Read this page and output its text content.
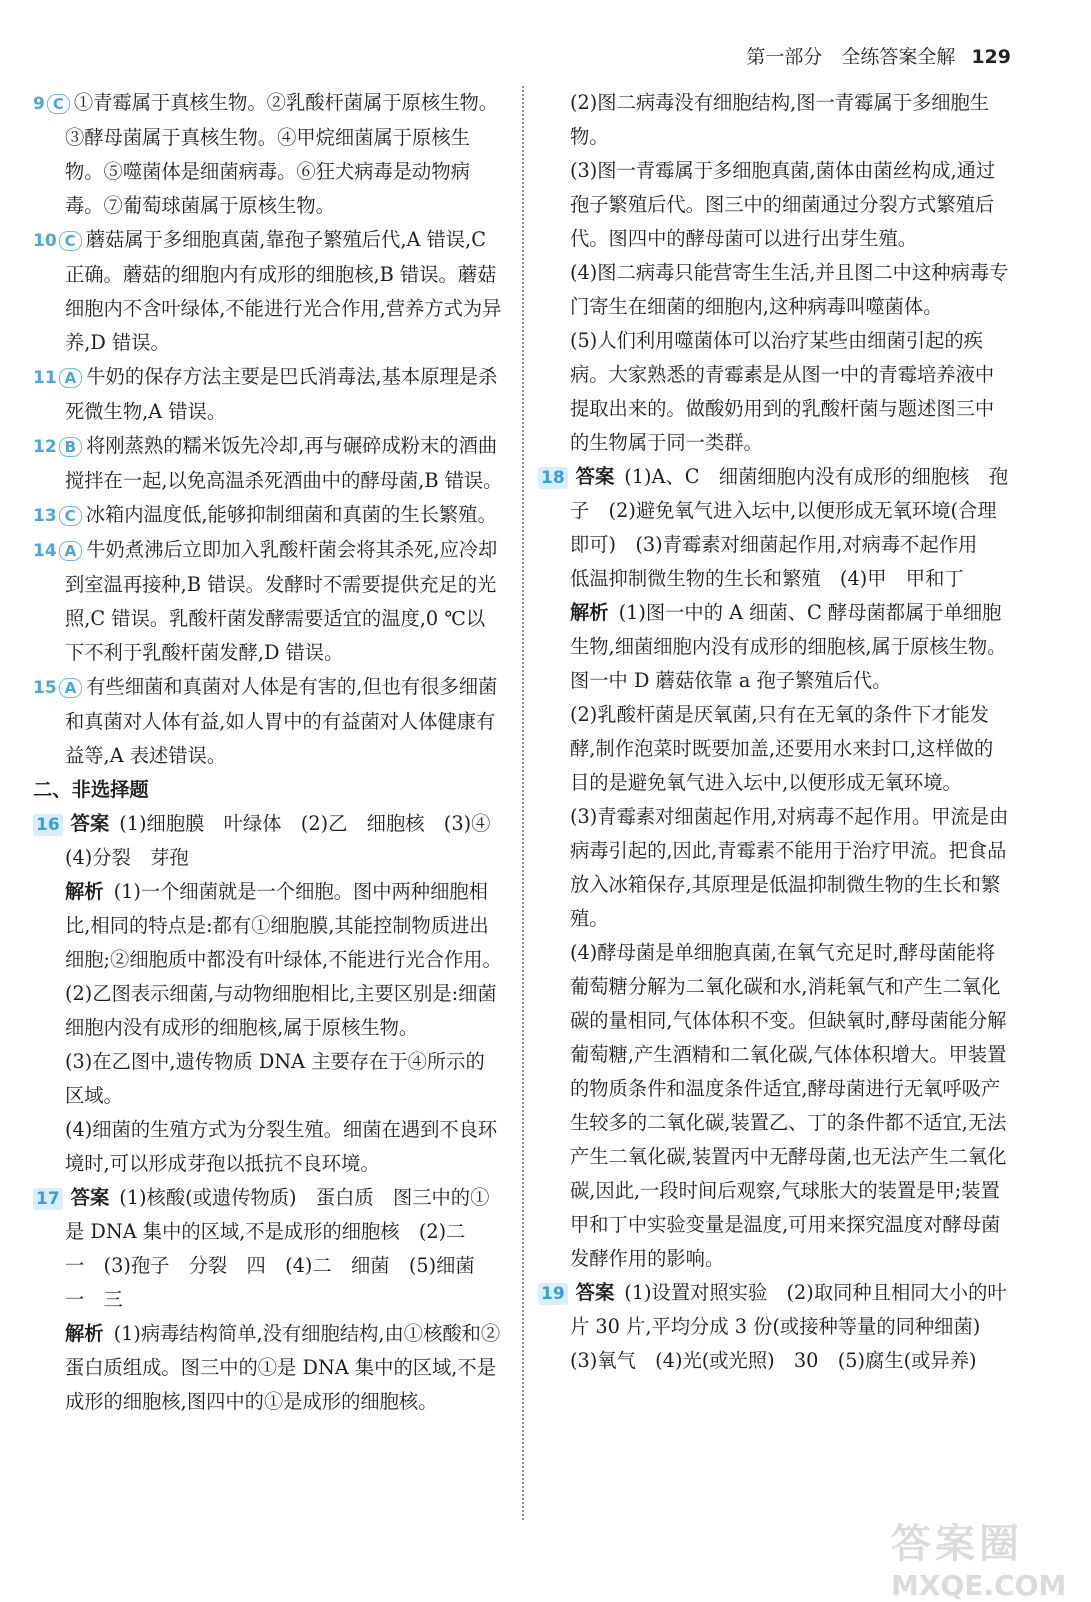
第一部分　全练答案全解 129
9 C ①青霉属于真核生物。②乳酸杆菌属于原核生物。③酵母菌属于真核生物。④甲烷细菌属于原核生物。⑤噬菌体是细菌病毒。⑥狂犬病毒是动物病毒。⑦葡萄球菌属于原核生物。
10 C 蘑菇属于多细胞真菌,靠孢子繁殖后代,A 错误,C 正确。蘑菇的细胞内有成形的细胞核,B 错误。蘑菇细胞内不含叶绿体,不能进行光合作用,营养方式为异养,D 错误。
11 A 牛奶的保存方法主要是巴氏消毒法,基本原理是杀死微生物,A 错误。
12 B 将刚蒸熟的糯米饭先冷却,再与碾碎成粉末的酒曲搅拌在一起,以免高温杀死酒曲中的酵母菌,B 错误。
13 C 冰箱内温度低,能够抑制细菌和真菌的生长繁殖。
14 A 牛奶煮沸后立即加入乳酸杆菌会将其杀死,应冷却到室温再接种,B 错误。发酵时不需要提供充足的光照,C 错误。乳酸杆菌发酵需要适宜的温度,0 ℃以下不利于乳酸杆菌发酵,D 错误。
15 A 有些细菌和真菌对人体是有害的,但也有很多细菌和真菌对人体有益,如人胃中的有益菌对人体健康有益等,A 表述错误。

二、非选择题

16 答案 (1)细胞膜　叶绿体　(2)乙　细胞核　(3)④　(4)分裂　芽孢

解析 (1)一个细菌就是一个细胞。图中两种细胞相比,相同的特点是:都有①细胞膜,其能控制物质进出细胞;②细胞质中都没有叶绿体,不能进行光合作用。

(2)乙图表示细菌,与动物细胞相比,主要区别是:细菌细胞内没有成形的细胞核,属于原核生物。

(3)在乙图中,遗传物质 DNA 主要存在于④所示的区域。

(4)细菌的生殖方式为分裂生殖。细菌在遇到不良环境时,可以形成芽孢以抵抗不良环境。

17 答案 (1)核酸(或遗传物质)　蛋白质　图三中的①是 DNA 集中的区域,不是成形的细胞核　(2)二　一　(3)孢子　分裂　四　(4)二　细菌　(5)细菌　一　三

解析 (1)病毒结构简单,没有细胞结构,由①核酸和②蛋白质组成。图三中的①是 DNA 集中的区域,不是成形的细胞核,图四中的①是成形的细胞核。

(2)图二病毒没有细胞结构,图一青霉属于多细胞生物。

(3)图一青霉属于多细胞真菌,菌体由菌丝构成,通过孢子繁殖后代。图三中的细菌通过分裂方式繁殖后代。图四中的酵母菌可以进行出芽生殖。

(4)图二病毒只能营寄生生活,并且图二中这种病毒专门寄生在细菌的细胞内,这种病毒叫噬菌体。

(5)人们利用噬菌体可以治疗某些由细菌引起的疾病。大家熟悉的青霉素是从图一中的青霉培养液中提取出来的。做酸奶用到的乳酸杆菌与题述图三中的生物属于同一类群。

18 答案 (1)A、C　细菌细胞内没有成形的细胞核　孢子　(2)避免氧气进入坛中,以便形成无氧环境(合理即可)　(3)青霉素对细菌起作用,对病毒不起作用　低温抑制微生物的生长和繁殖　(4)甲　甲和丁

解析 (1)图一中的 A 细菌、C 酵母菌都属于单细胞生物,细菌细胞内没有成形的细胞核,属于原核生物。图一中 D 蘑菇依靠 a 孢子繁殖后代。

(2)乳酸杆菌是厌氧菌,只有在无氧的条件下才能发酵,制作泡菜时既要加盖,还要用水来封口,这样做的目的是避免氧气进入坛中,以便形成无氧环境。

(3)青霉素对细菌起作用,对病毒不起作用。甲流是由病毒引起的,因此,青霉素不能用于治疗甲流。把食品放入冰箱保存,其原理是低温抑制微生物的生长和繁殖。

(4)酵母菌是单细胞真菌,在氧气充足时,酵母菌能将葡萄糖分解为二氧化碳和水,消耗氧气和产生二氧化碳的量相同,气体体积不变。但缺氧时,酵母菌能分解葡萄糖,产生酒精和二氧化碳,气体体积增大。甲装置的物质条件和温度条件适宜,酵母菌进行无氧呼吸产生较多的二氧化碳,装置乙、丁的条件都不适宜,无法产生二氧化碳,装置丙中无酵母菌,也无法产生二氧化碳,因此,一段时间后观察,气球胀大的装置是甲;装置甲和丁中实验变量是温度,可用来探究温度对酵母菌发酵作用的影响。

19 答案 (1)设置对照实验　(2)取同种且相同大小的叶片 30 片,平均分成 3 份(或接种等量的同种细菌)　(3)氧气　(4)光(或光照)　30　(5)腐生(或异养)
答案圈
MXQE.COM
